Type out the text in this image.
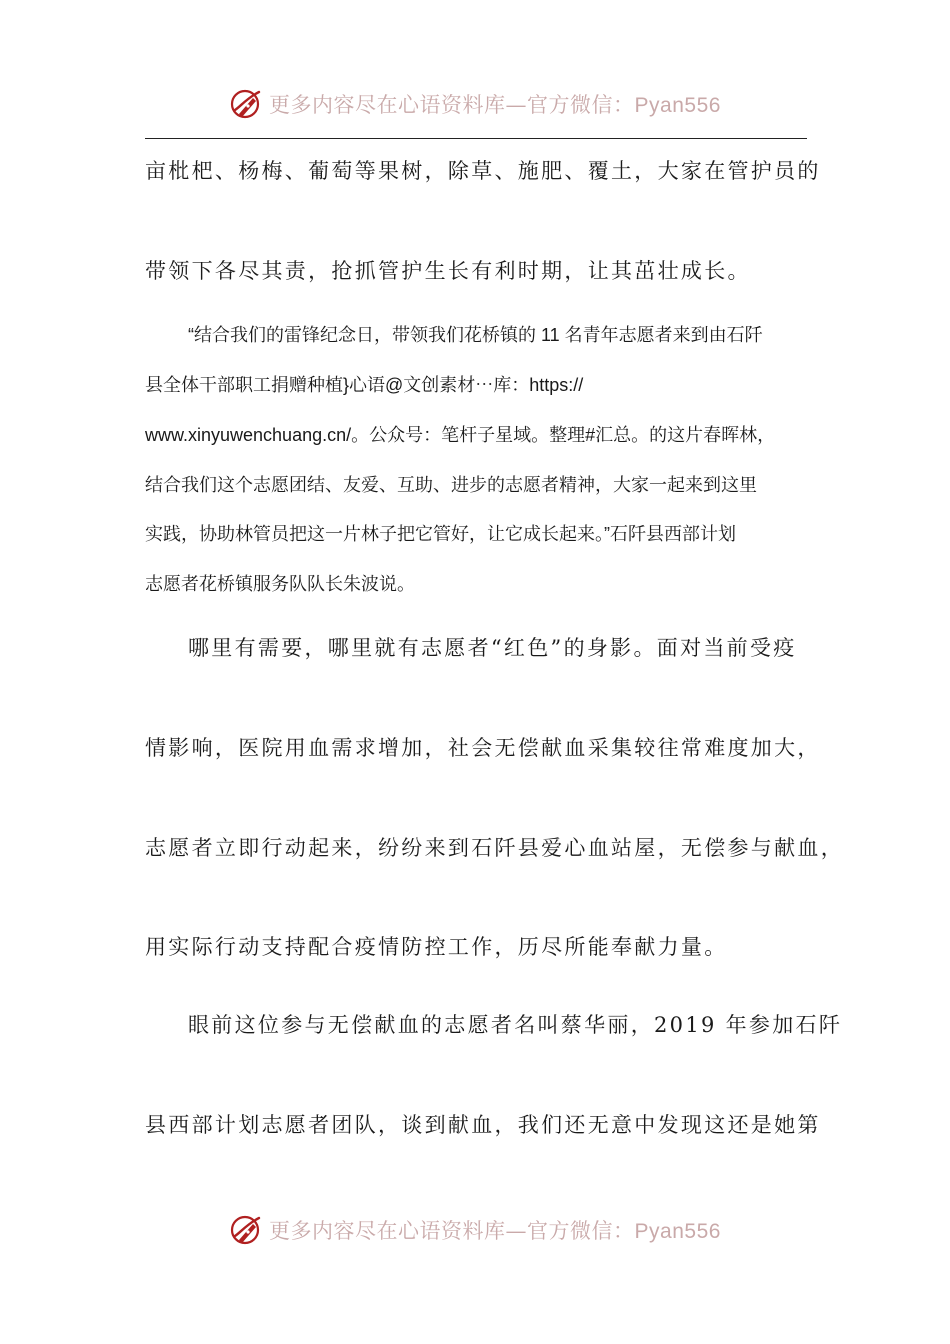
更多内容尽在心语资料库—官方微信：Pyan556
亩枇杷、杨梅、葡萄等果树，除草、施肥、覆土，大家在管护员的
带领下各尽其责，抢抓管护生长有利时期，让其茁壮成长。
“结合我们的雷锋纪念日，带领我们花桥镇的 11 名青年志愿者来到由石阡
县全体干部职工捐赠种植}心语@文创素材⋯库：https://
www.xinyuwenchuang.cn/。公众号：笔杆子星域。整理#汇总。的这片春晖林，
结合我们这个志愿团结、友爱、互助、进步的志愿者精神，大家一起来到这里
实践，协助林管员把这一片林子把它管好，让它成长起来。”石阡县西部计划
志愿者花桥镇服务队队长朱波说。
哪里有需要，哪里就有志愿者“红色”的身影。面对当前受疫
情影响，医院用血需求增加，社会无偿献血采集较往常难度加大，
志愿者立即行动起来，纷纷来到石阡县爱心血站屋，无偿参与献血，
用实际行动支持配合疫情防控工作，历尽所能奉献力量。
眼前这位参与无偿献血的志愿者名叫蔡华丽，2019 年参加石阡
县西部计划志愿者团队，谈到献血，我们还无意中发现这还是她第
更多内容尽在心语资料库—官方微信：Pyan556
